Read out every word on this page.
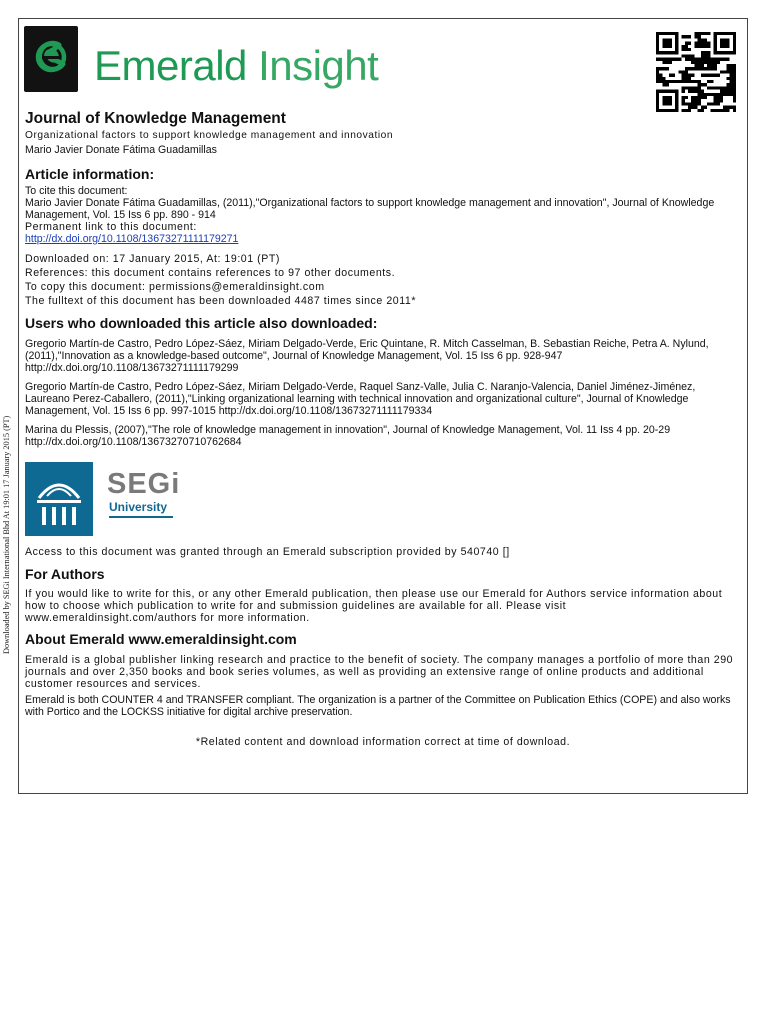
Downloaded by SEGi International Bhd At 19:01 17 January 2015 (PT)
Emerald Insight
Journal of Knowledge Management
Organizational factors to support knowledge management and innovation
Mario Javier Donate Fátima Guadamillas
Article information:
To cite this document:
Mario Javier Donate Fátima Guadamillas, (2011),"Organizational factors to support knowledge management and innovation", Journal of Knowledge Management, Vol. 15 Iss 6 pp. 890 - 914
Permanent link to this document:
http://dx.doi.org/10.1108/13673271111179271
Downloaded on: 17 January 2015, At: 19:01 (PT)
References: this document contains references to 97 other documents.
To copy this document: permissions@emeraldinsight.com
The fulltext of this document has been downloaded 4487 times since 2011*
Users who downloaded this article also downloaded:
Gregorio Martín-de Castro, Pedro López-Sáez, Miriam Delgado-Verde, Eric Quintane, R. Mitch Casselman, B. Sebastian Reiche, Petra A. Nylund, (2011),"Innovation as a knowledge-based outcome", Journal of Knowledge Management, Vol. 15 Iss 6 pp. 928-947 http://dx.doi.org/10.1108/13673271111179299
Gregorio Martín-de Castro, Pedro López-Sáez, Miriam Delgado-Verde, Raquel Sanz-Valle, Julia C. Naranjo-Valencia, Daniel Jiménez-Jiménez, Laureano Perez-Caballero, (2011),"Linking organizational learning with technical innovation and organizational culture", Journal of Knowledge Management, Vol. 15 Iss 6 pp. 997-1015 http://dx.doi.org/10.1108/13673271111179334
Marina du Plessis, (2007),"The role of knowledge management in innovation", Journal of Knowledge Management, Vol. 11 Iss 4 pp. 20-29 http://dx.doi.org/10.1108/13673270710762684
SEGi
University
Access to this document was granted through an Emerald subscription provided by 540740 []
For Authors
If you would like to write for this, or any other Emerald publication, then please use our Emerald for Authors service information about how to choose which publication to write for and submission guidelines are available for all. Please visit www.emeraldinsight.com/authors for more information.
About Emerald www.emeraldinsight.com
Emerald is a global publisher linking research and practice to the benefit of society. The company manages a portfolio of more than 290 journals and over 2,350 books and book series volumes, as well as providing an extensive range of online products and additional customer resources and services.
Emerald is both COUNTER 4 and TRANSFER compliant. The organization is a partner of the Committee on Publication Ethics (COPE) and also works with Portico and the LOCKSS initiative for digital archive preservation.
*Related content and download information correct at time of download.
